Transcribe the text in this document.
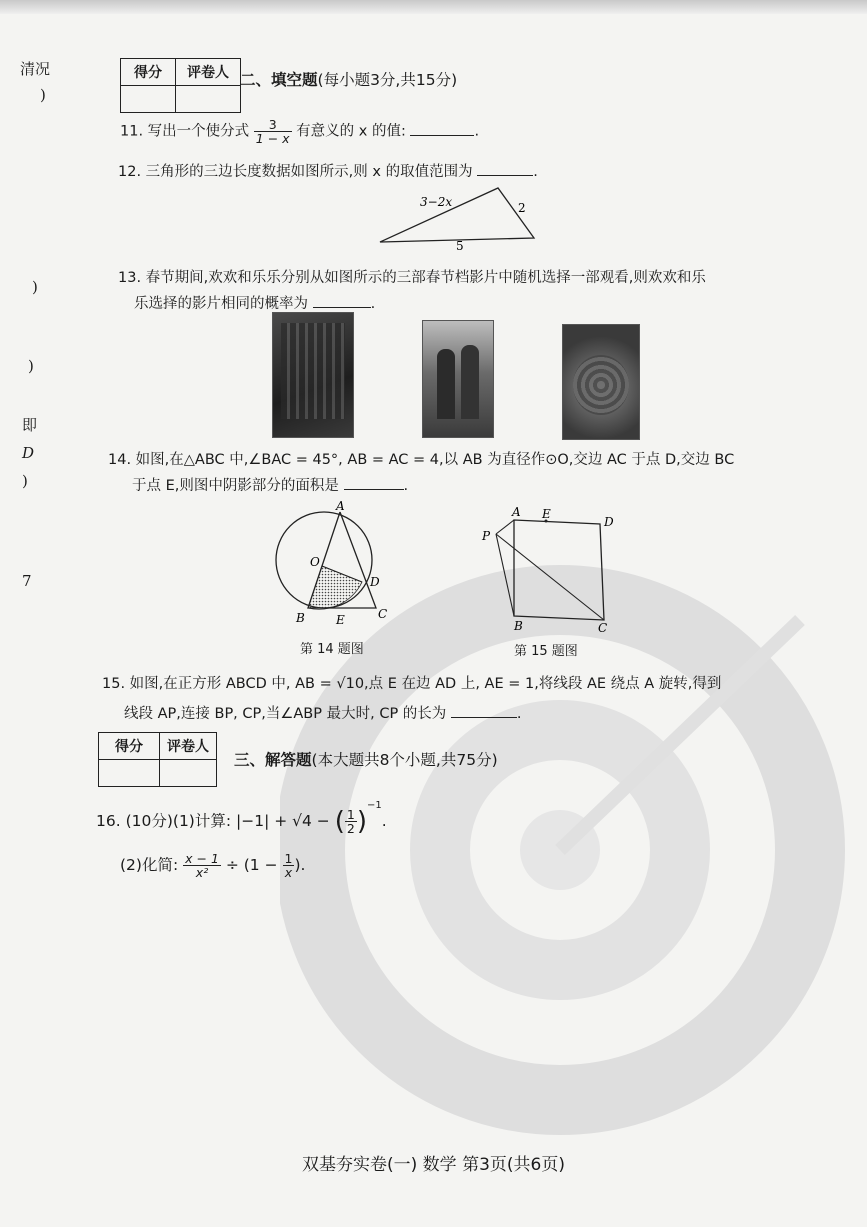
清况
)
)
)
即
D
)
7
得分	评卷人
	二、填空题(每小题3分,共15分)
11. 写出一个使分式 $\frac{3}{1 - x}$ 有意义的 x 的值:	.
12. 三角形的三边长度数据如图所示,则 x 的取值范围为	.
3−2x	2
5
13. 春节期间,欢欢和乐乐分别从如图所示的三部春节档影片中随机选择一部观看,则欢欢和乐
乐选择的影片相同的概率为	.
14. 如图,在△ABC 中,∠BAC = 45°, AB = AC = 4,以 AB 为直径作⊙O,交边 AC 于点 D,交边 BC
于点 E,则图中阴影部分的面积是	.
A
O
D
B	E	C
第 14 题图
P
A E
D
B	C
第 15 题图
15. 如图,在正方形 ABCD 中, AB = √10,点 E 在边 AD 上, AE = 1,将线段 AE 绕点 A 旋转,得到
线段 AP,连接 BP, CP,当∠ABP 最大时, CP 的长为	.
得分	评卷人

三、解答题(本大题共8个小题,共75分)
16. (10分)(1)计算: |−1| + √4 − ( $\frac{1}{2} )^{-1}$.
(2)化简: $\frac{x - 1}{\text{x²}} \div (1 - \frac{1}{x}$ ).
双基夯实卷(一) 数学 第3页(共6页)
